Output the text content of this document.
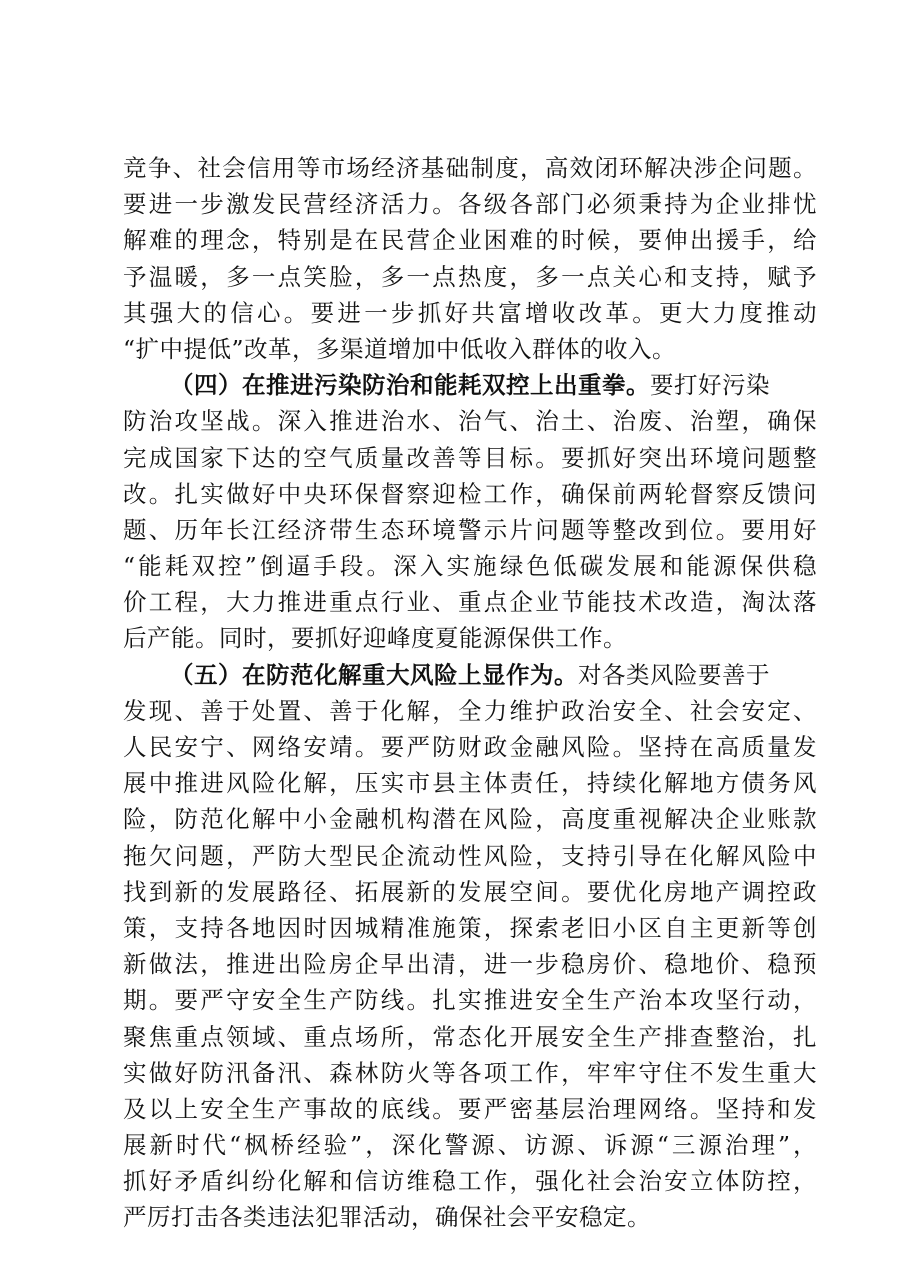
竞争、社会信用等市场经济基础制度，高效闭环解决涉企问题。
要进一步激发民营经济活力。各级各部门必须秉持为企业排忧
解难的理念，特别是在民营企业困难的时候，要伸出援手，给
予温暖，多一点笑脸，多一点热度，多一点关心和支持，赋予
其强大的信心。要进一步抓好共富增收改革。更大力度推动
“扩中提低”改革，多渠道增加中低收入群体的收入。
（四）在推进污染防治和能耗双控上出重拳。要打好污染
防治攻坚战。深入推进治水、治气、治土、治废、治塑，确保
完成国家下达的空气质量改善等目标。要抓好突出环境问题整
改。扎实做好中央环保督察迎检工作，确保前两轮督察反馈问
题、历年长江经济带生态环境警示片问题等整改到位。要用好
“能耗双控”倒逼手段。深入实施绿色低碳发展和能源保供稳
价工程，大力推进重点行业、重点企业节能技术改造，淘汰落
后产能。同时，要抓好迎峰度夏能源保供工作。
（五）在防范化解重大风险上显作为。对各类风险要善于
发现、善于处置、善于化解，全力维护政治安全、社会安定、
人民安宁、网络安靖。要严防财政金融风险。坚持在高质量发
展中推进风险化解，压实市县主体责任，持续化解地方债务风
险，防范化解中小金融机构潜在风险，高度重视解决企业账款
拖欠问题，严防大型民企流动性风险，支持引导在化解风险中
找到新的发展路径、拓展新的发展空间。要优化房地产调控政
策，支持各地因时因城精准施策，探索老旧小区自主更新等创
新做法，推进出险房企早出清，进一步稳房价、稳地价、稳预
期。要严守安全生产防线。扎实推进安全生产治本攻坚行动，
聚焦重点领域、重点场所，常态化开展安全生产排查整治，扎
实做好防汛备汛、森林防火等各项工作，牢牢守住不发生重大
及以上安全生产事故的底线。要严密基层治理网络。坚持和发
展新时代“枫桥经验”，深化警源、访源、诉源“三源治理”，
抓好矛盾纠纷化解和信访维稳工作，强化社会治安立体防控，
严厉打击各类违法犯罪活动，确保社会平安稳定。
